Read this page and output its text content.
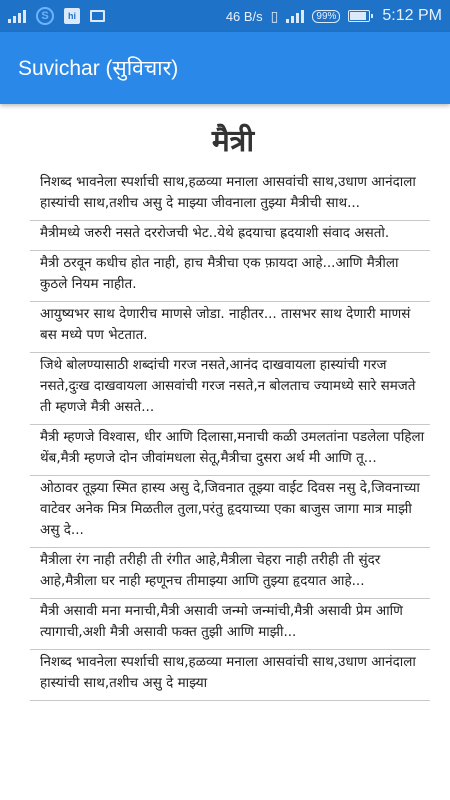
S	hi	46 B/s ▯	99%	5:12 PM
Suvichar (सुविचार)
मैत्री
निशब्द भावनेला स्पर्शाची साथ,हळव्या मनाला आसवांची साथ,उधाण आनंदाला हास्यांची साथ,तशीच असु दे माझ्या जीवनाला तुझ्या मैत्रीची साथ...
मैत्रीमध्ये जरुरी नसते दररोजची भेट..येथे ह्रदयाचा ह्रदयाशी संवाद असतो.
मैत्री ठरवून कधीच होत नाही, हाच मैत्रीचा एक फ़ायदा आहे...आणि मैत्रीला कुठले नियम नाहीत.
आयुष्यभर साथ देणारीच माणसे जोडा. नाहीतर... तासभर साथ देणारी माणसं बस मध्ये पण भेटतात.
जिथे बोलण्यासाठी शब्दांची गरज नसते,आनंद दाखवायला हास्यांची गरज नसते,दुःख दाखवायला आसवांची गरज नसते,न बोलताच ज्यामध्ये सारे समजते ती म्हणजे मैत्री असते...
मैत्री म्हणजे विश्वास, धीर आणि दिलासा,मनाची कळी उमलतांना पडलेला पहिला थेंब,मैत्री म्हणजे दोन जीवांमधला सेतू,मैत्रीचा दुसरा अर्थ मी आणि तू...
ओठावर तूझ्या स्मित हास्य असु दे,जिवनात तूझ्या वाईट दिवस नसु दे,जिवनाच्या वाटेवर अनेक मित्र मिळतील तुला,परंतु हृदयाच्या एका बाजुस जागा मात्र माझी असु दे...
मैत्रीला रंग नाही तरीही ती रंगीत आहे,मैत्रीला चेहरा नाही तरीही ती सुंदर आहे,मैत्रीला घर नाही म्हणूनच तीमाझ्या आणि तुझ्या हृदयात आहे...
मैत्री असावी मना मनाची,मैत्री असावी जन्मो जन्मांची,मैत्री असावी प्रेम आणि त्यागाची,अशी मैत्री असावी फक्त तुझी आणि माझी...
निशब्द भावनेला स्पर्शाची साथ,हळव्या मनाला आसवांची साथ,उधाण आनंदाला हास्यांची साथ,तशीच असु दे माझ्या
